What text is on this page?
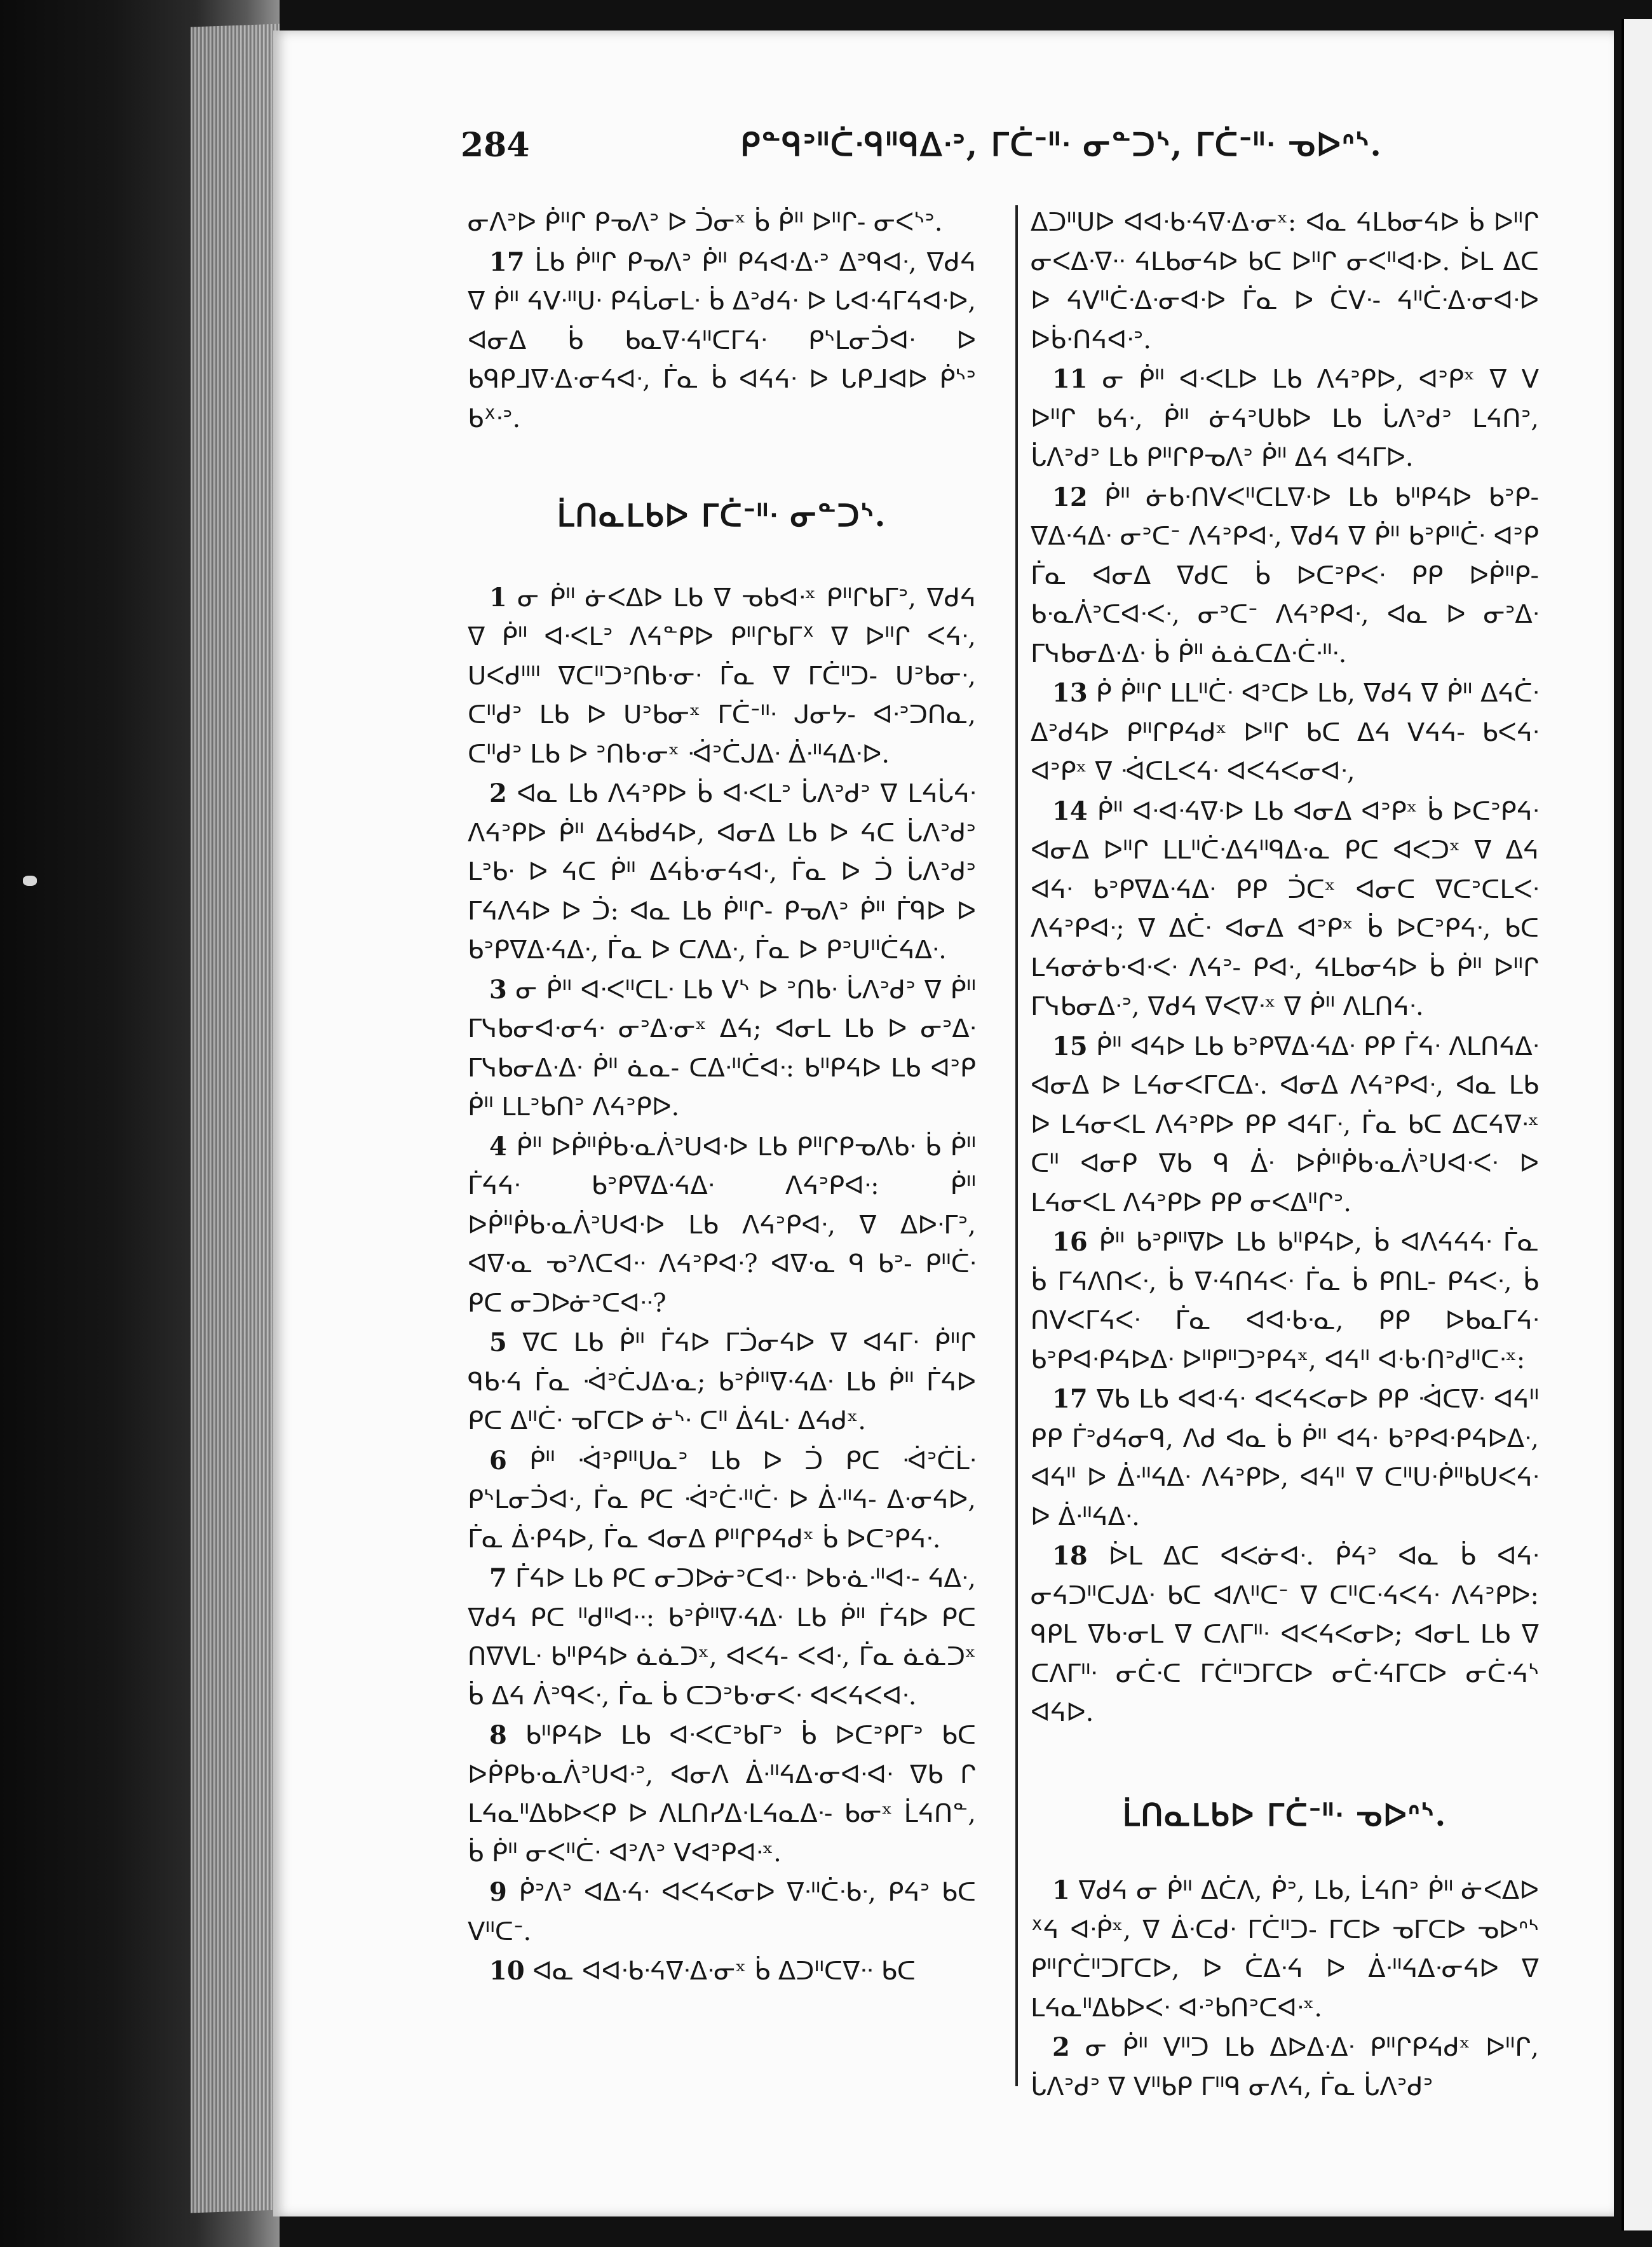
284	ᑭᓐᑫᐣᐦᑖᐧᑫᐦᑫᐃᐧᐣ, ᒥᑖᐨᐦᐧ ᓂᓐᑐᔅ, ᒥᑖᐨᐦᐧ ᓀᐅᐢᔅ.

ᓂᐱᐣᐅ ᑮᐦᒋ ᑭᓀᐱᐣ ᐅ ᑑᓂˣ ᑳ ᑮᐦ ᐅᐦᒋ- ᓂᐸᔅᐣ.

17 ᒫᑲ ᑮᐦᒋ ᑭᓀᐱᐣ ᑮᐦ ᑭᔦᐊᐧᐃᐧᐣ ᐃᐣᑫᐊᐧ, ᐁᑯᔦ ᐁ ᑮᐦ ᔦᐯᐧᐦᑌᐧ ᑭᔦᒑᓂᒪᐧ ᑳ ᐃᐣᑯᔦᐧ ᐅ ᒐᐊᐧᔦᒥᔦᐊᐧᐅ, ᐊᓂᐃ ᑳ ᑲᓇᐁᐧᔦᐦᑕᒥᔦᐧ ᑭᔅᒪᓂᑑᐊᐧ ᐅ ᑲᑫᑭᒧᐁᐧᐃᐧᓂᔦᐊᐧ, ᒦᓇ ᑳ ᐊᔦᔦᐧ ᐅ ᒐᑭᒧᐊᐅ ᑮᔅᐣ ᑲᕽᐧᐣ.

ᒫᑎᓇᒪᑲᐅ ᒥᑖᐨᐦᐧ ᓂᓐᑐᔅ.

1 ᓂ ᑮᐦ ᓃᐸᐃᐅ ᒪᑲ ᐁ ᓀᑲᐊᐧˣ ᑭᐦᒋᑲᒥᐣ, ᐁᑯᔦ ᐁ ᑮᐦ ᐊᐧᐸᒪᐣ ᐱᔦᓐᑭᐅ ᑭᐦᒋᑲᒥᕽ ᐁ ᐅᐦᒋ ᐸᔦᐧ, ᑌᐸᑯᐦᐦ ᐁᑕᐦᑐᐣᑎᑲᐧᓂᐧ ᒦᓇ ᐁ ᒥᑖᐦᑐ- ᑌᐣᑲᓂᐧ, ᑕᐦᑯᐣ ᒪᑲ ᐅ ᑌᐣᑲᓂˣ ᒥᑖᐨᐦᐧ ᒍᓂᔭ- ᐊᐧᐣᑐᑎᓇ, ᑕᐦᑯᐣ ᒪᑲ ᐅ ᐣᑎᑲᐧᓂˣ ᐙᐣᑖᒍᐃᐧ ᐄᐧᐦᔦᐃᐧᐅ.

2 ᐊᓇ ᒪᑲ ᐱᔦᐣᑭᐅ ᑳ ᐊᐧᐸᒪᐣ ᒑᐱᐣᑯᐣ ᐁ ᒪᔦᒑᔦᐧ ᐱᔦᐣᑭᐅ ᑮᐦ ᐃᔦᑳᑯᔦᐅ, ᐊᓂᐃ ᒪᑲ ᐅ ᔦᑕ ᒑᐱᐣᑯᐣ ᒪᐣᑲᐧ ᐅ ᔦᑕ ᑮᐦ ᐃᔦᑳᐧᓂᔦᐊᐧ, ᒦᓇ ᐅ ᑑ ᒑᐱᐣᑯᐣ ᒥᔦᐱᔦᐅ ᐅ ᑑ: ᐊᓇ ᒪᑲ ᑮᐦᒋ- ᑭᓀᐱᐣ ᑮᐦ ᒦᑫᐅ ᐅ ᑲᐣᑭᐁᐃᐧᔦᐃᐧ, ᒦᓇ ᐅ ᑕᐱᐃᐧ, ᒦᓇ ᐅ ᑭᐣᑌᐦᑖᔦᐃᐧ.

3 ᓂ ᑮᐦ ᐊᐧᐸᐦᑕᒪᐧ ᒪᑲ ᐯᔅ ᐅ ᐣᑎᑲᐧ ᒑᐱᐣᑯᐣ ᐁ ᑮᐦ ᒥᓭᑲᓂᐊᐧᓂᔦᐧ ᓂᐣᐃᐧᓂˣ ᐃᔦ; ᐊᓂᒪ ᒪᑲ ᐅ ᓂᐣᐃᐧ ᒥᓭᑲᓂᐃᐧᐃᐧ ᑮᐦ ᓈᓇ- ᑕᐃᐧᐦᑖᐊᐧ: ᑲᐦᑭᔦᐅ ᒪᑲ ᐊᐣᑭ ᑮᐦ ᒪᒪᐣᑲᑎᐣ ᐱᔦᐣᑭᐅ.

4 ᑮᐦ ᐅᑮᐦᑮᑲᐧᓇᐲᐣᑌᐊᐧᐅ ᒪᑲ ᑭᐦᒋᑭᓀᐱᑲᐧ ᑳ ᑮᐦ ᒦᔦᔦᐧ ᑲᐣᑭᐁᐃᐧᔦᐃᐧ ᐱᔦᐣᑭᐊᐧ: ᑮᐦ ᐅᑮᐦᑮᑲᐧᓇᐲᐣᑌᐊᐧᐅ ᒪᑲ ᐱᔦᐣᑭᐊᐧ, ᐁ ᐃᐅᐧᒥᐣ, ᐊᐁᐧᓇ ᓀᐣᐱᑕᐊᐧᐧ ᐱᔦᐣᑭᐊᐧ? ᐊᐁᐧᓇ ᑫ ᑲᐣ- ᑭᐦᑖᐧ ᑭᑕ ᓂᑐᐅᓃᐣᑕᐊᐧᐧ?

5 ᐁᑕ ᒪᑲ ᑮᐦ ᒦᔦᐅ ᒥᑑᓂᔦᐅ ᐁ ᐊᔦᒥᐧ ᑮᐦᒋ ᑫᑲᐧᔦ ᒦᓇ ᐙᐣᑖᒍᐃᐧᓇ; ᑲᐣᑮᐦᐁᐧᔦᐃᐧ ᒪᑲ ᑮᐦ ᒦᔦᐅ ᑭᑕ ᐃᐦᑖᐧ ᓀᒥᑕᐅ ᓃᔅᐧ ᑕᐦ ᐄᔦᒪᐧ ᐃᔦᑯˣ.

6 ᑮᐦ ᐙᐣᑭᐦᑌᓇᐣ ᒪᑲ ᐅ ᑑ ᑭᑕ ᐙᐣᑖᒫᐧ ᑭᔅᒪᓂᑑᐊᐧ, ᒦᓇ ᑭᑕ ᐙᐣᑖᐧᐦᑖᐧ ᐅ ᐄᐧᐦᔦ- ᐃᐧᓂᔦᐅ, ᒦᓇ ᐄᐧᑭᔦᐅ, ᒦᓇ ᐊᓂᐃ ᑭᐦᒋᑭᔦᑯˣ ᑳ ᐅᑕᐣᑭᔦᐧ.

7 ᒦᔦᐅ ᒪᑲ ᑭᑕ ᓂᑐᐅᓃᐣᑕᐊᐧᐧ ᐅᑲᐧᓈᐧᐦᐊᐧ- ᔦᐃᐧ, ᐁᑯᔦ ᑭᑕ ᐦᑯᐦᐊᐧᐧ: ᑲᐣᑮᐦᐁᐧᔦᐃᐧ ᒪᑲ ᑮᐦ ᒦᔦᐅ ᑭᑕ ᑎᐁᐯᒪᐧ ᑲᐦᑭᔦᐅ ᓈᓈᑐˣ, ᐊᐸᔦ- ᐸᐊᐧ, ᒦᓇ ᓈᓈᑐˣ ᑳ ᐃᔦ ᐲᐣᑫᐸᐧ, ᒦᓇ ᑳ ᑕᑐᐣᑲᐧᓂᐸᐧ ᐊᐸᔦᐸᐊᐧ.

8 ᑲᐦᑭᔦᐅ ᒪᑲ ᐊᐧᐸᑕᐣᑲᒥᐣ ᑳ ᐅᑕᐣᑭᒥᐣ ᑲᑕ ᐅᑮᑭᑲᐧᓇᐲᐣᑌᐊᐧᐣ, ᐊᓂᐱ ᐄᐧᐦᔦᐃᐧᓂᐊᐧᐊᐧ ᐁᑲ ᒋ ᒪᔦᓇᐦᐃᑲᐅᐸᑭ ᐅ ᐱᒪᑎᓯᐃᐧᒪᔦᓇᐃᐧ- ᑲᓂˣ ᒫᔦᑎᓐ, ᑳ ᑮᐦ ᓂᐸᐦᑖᐧ ᐊᐣᐱᐣ ᐯᐊᐣᑭᐊᐧˣ.

9 ᑮᐣᐱᐣ ᐊᐃᐧᔦᐧ ᐊᐸᔦᐸᓂᐅ ᐁᐧᐦᑖᐧᑲᐧ, ᑭᔦᐣ ᑲᑕ ᐯᐦᑕᐨ.

10 ᐊᓇ ᐊᐊᐧᑲᐧᔦᐁᐧᐃᐧᓂˣ ᑳ ᐃᑐᐦᑕᐁᐧᐧ ᑲᑕ

ᐃᑐᐦᑌᐅ ᐊᐊᐧᑲᐧᔦᐁᐧᐃᐧᓂˣ: ᐊᓇ ᔦᒪᑲᓂᔦᐅ ᑳ ᐅᐦᒋ ᓂᐸᐃᐧᐁᐧᐧ ᔦᒪᑲᓂᔦᐅ ᑲᑕ ᐅᐦᒋ ᓂᐸᐦᐊᐧᐅ. ᐆᒪ ᐃᑕ ᐅ ᔦᐯᐦᑖᐧᐃᐧᓂᐊᐧᐅ ᒦᓇ ᐅ ᑖᐯᐧ- ᔦᐦᑖᐧᐃᐧᓂᐊᐧᐅ ᐅᑳᐧᑎᔦᐊᐧᐣ.

11 ᓂ ᑮᐦ ᐊᐧᐸᒪᐅ ᒪᑲ ᐱᔦᐣᑭᐅ, ᐊᐣᑭˣ ᐁ ᐯ ᐅᐦᒋ ᑲᔦᐧ, ᑮᐦ ᓃᔦᐣᑌᑲᐅ ᒪᑲ ᒑᐱᐣᑯᐣ ᒪᔦᑎᐣ, ᒑᐱᐣᑯᐣ ᒪᑲ ᑭᐦᒋᑭᓀᐱᐣ ᑮᐦ ᐃᔦ ᐊᔦᒥᐅ.

12 ᑮᐦ ᓃᑲᐧᑎᐯᐸᐦᑕᒪᐁᐧᐅ ᒪᑲ ᑲᐦᑭᔦᐅ ᑲᐣᑭ- ᐁᐃᐧᔦᐃᐧ ᓂᐣᑕᐨ ᐱᔦᐣᑭᐊᐧ, ᐁᑯᔦ ᐁ ᑮᐦ ᑲᐣᑭᐦᑖᐧ ᐊᐣᑭ ᒦᓇ ᐊᓂᐃ ᐁᑯᑕ ᑳ ᐅᑕᐣᑭᐸᐧ ᑭᑭ ᐅᑮᐦᑭ- ᑲᐧᓇᐲᐣᑕᐊᐧᐸᐧ, ᓂᐣᑕᐨ ᐱᔦᐣᑭᐊᐧ, ᐊᓇ ᐅ ᓂᐣᐃᐧ ᒥᓭᑲᓂᐃᐧᐃᐧ ᑳ ᑮᐦ ᓈᓈᑕᐃᐧᑖᐧᐦᐧ.

13 ᑮ ᑮᐦᒋ ᒪᒪᐦᑖᐧ ᐊᐣᑕᐅ ᒪᑲ, ᐁᑯᔦ ᐁ ᑮᐦ ᐃᔦᑖᐧ ᐃᐣᑯᔦᐅ ᑭᐦᒋᑭᔦᑯˣ ᐅᐦᒋ ᑲᑕ ᐃᔦ ᐯᔦᔦ- ᑲᐸᔦᐧ ᐊᐣᑭˣ ᐁ ᐙᑕᒪᐸᔦᐧ ᐊᐸᔦᐸᓂᐊᐧ,

14 ᑮᐦ ᐊᐧᐊᐧᔦᐁᐧᐅ ᒪᑲ ᐊᓂᐃ ᐊᐣᑭˣ ᑳ ᐅᑕᐣᑭᔦᐧ ᐊᓂᐃ ᐅᐦᒋ ᒪᒪᐦᑖᐧᐃᔦᐦᑫᐃᐧᓇ ᑭᑕ ᐊᐸᑐˣ ᐁ ᐃᔦ ᐊᔦᐧ ᑲᐣᑭᐁᐃᐧᔦᐃᐧ ᑭᑭ ᑑᑕˣ ᐊᓂᑕ ᐁᑕᐣᑕᒪᐸᐧ ᐱᔦᐣᑭᐊᐧ; ᐁ ᐃᑖᐧ ᐊᓂᐃ ᐊᐣᑭˣ ᑳ ᐅᑕᐣᑭᔦᐧ, ᑲᑕ ᒪᔦᓂᓃᑲᐧᐊᐧᐸᐧ ᐱᔦᐣ- ᑭᐊᐧ, ᔦᒪᑲᓂᔦᐅ ᑳ ᑮᐦ ᐅᐦᒋ ᒥᓭᑲᓂᐃᐧᐣ, ᐁᑯᔦ ᐁᐸᐁᐧˣ ᐁ ᑮᐦ ᐱᒪᑎᔦᐧ.

15 ᑮᐦ ᐊᔦᐅ ᒪᑲ ᑲᐣᑭᐁᐃᐧᔦᐃᐧ ᑭᑭ ᒦᔦᐧ ᐱᒪᑎᔦᐃᐧ ᐊᓂᐃ ᐅ ᒪᔦᓂᐸᒥᑕᐃᐧ. ᐊᓂᐃ ᐱᔦᐣᑭᐊᐧ, ᐊᓇ ᒪᑲ ᐅ ᒪᔦᓂᐸᒪ ᐱᔦᐣᑭᐅ ᑭᑭ ᐊᔦᒥᐧ, ᒦᓇ ᑲᑕ ᐃᑕᔦᐁᐧˣ ᑕᐦ ᐊᓂᑭ ᐁᑲ ᑫ ᐄᐧ ᐅᑮᐦᑮᑲᐧᓇᐲᐣᑌᐊᐧᐸᐧ ᐅ ᒪᔦᓂᐸᒪ ᐱᔦᐣᑭᐅ ᑭᑭ ᓂᐸᐃᐦᒋᐣ.

16 ᑮᐦ ᑲᐣᑭᐦᐁᐅ ᒪᑲ ᑲᐦᑭᔦᐅ, ᑳ ᐊᐱᔦᔦᔦᐧ ᒦᓇ ᑳ ᒥᔦᐱᑎᐸᐧ, ᑳ ᐁᐧᔦᑎᔦᐸᐧ ᒦᓇ ᑳ ᑭᑎᒪ- ᑭᔦᐸᐧ, ᑳ ᑎᐯᐸᒥᔦᐸᐧ ᒦᓇ ᐊᐊᐧᑲᐧᓇ, ᑭᑭ ᐅᑲᓇᒥᔦᐧ ᑲᐣᑭᐊᐧᑭᔦᐅᐃᐧ ᐅᐦᑭᐦᑐᐣᑭᔦˣ, ᐊᔦᐦ ᐊᐧᑲᐧᑎᐣᑯᐦᑕᐧˣ:

17 ᐁᑲ ᒪᑲ ᐊᐊᐧᔦᐧ ᐊᐸᔦᐸᓂᐅ ᑭᑭ ᐙᑕᐁᐧ ᐊᔦᐦ ᑭᑭ ᒦᐣᑯᔦᓂᑫ, ᐱᑯ ᐊᓇ ᑳ ᑮᐦ ᐊᔦᐧ ᑲᐣᑭᐊᐧᑭᔦᐅᐃᐧ, ᐊᔦᐦ ᐅ ᐄᐧᐦᔦᐃᐧ ᐱᔦᐣᑭᐅ, ᐊᔦᐦ ᐁ ᑕᐦᑌᐧᑮᐦᑲᑌᐸᔦᐧ ᐅ ᐄᐧᐦᔦᐃᐧ.

18 ᐆᒪ ᐃᑕ ᐊᐸᓃᐊᐧ. ᑮᔦᐣ ᐊᓇ ᑳ ᐊᔦᐧ ᓂᔦᑐᐦᑕᒍᐃᐧ ᑲᑕ ᐊᐱᐦᑕᐨ ᐁ ᑕᐦᑕᐧᔦᐸᔦᐧ ᐱᔦᐣᑭᐅ: ᑫᑭᒪ ᐁᑲᐧᓂᒪ ᐁ ᑕᐱᒥᐦᐧ ᐊᐸᔦᐸᓂᐅ; ᐊᓂᒪ ᒪᑲ ᐁ ᑕᐱᒥᐦᐧ ᓂᑖᐧᑕ ᒥᑖᐦᑐᒥᑕᐅ ᓂᑖᐧᔦᒥᑕᐅ ᓂᑖᐧᔦᔅ ᐊᔦᐅ.

ᒫᑎᓇᒪᑲᐅ ᒥᑖᐨᐦᐧ ᓀᐅᐢᔅ.

1 ᐁᑯᔦ ᓂ ᑮᐦ ᐃᑖᐱ, ᑮᐣ, ᒪᑲ, ᒫᔦᑎᐣ ᑮᐦ ᓃᐸᐃᐅ ᕽᔦ ᐊᐧᑮˣ, ᐁ ᐄᐧᑕᑯᐧ ᒥᑖᐦᑐ- ᒥᑕᐅ ᓀᒥᑕᐅ ᓀᐅᐢᔅ ᑭᐦᒋᑖᐦᑐᒥᑕᐅ, ᐅ ᑖᐃᐧᔦ ᐅ ᐄᐧᐦᔦᐃᐧᓂᔦᐅ ᐁ ᒪᔦᓇᐦᐃᑲᐅᐸᐧ ᐊᐧᐣᑲᑎᐣᑕᐊᐧˣ.

2 ᓂ ᑮᐦ ᐯᐦᑐ ᒪᑲ ᐃᐅᐃᐧᐃᐧ ᑭᐦᒋᑭᔦᑯˣ ᐅᐦᒋ, ᒑᐱᐣᑯᐣ ᐁ ᐯᐦᑲᑭ ᒥᐦᑫ ᓂᐱᔦ, ᒦᓇ ᒑᐱᐣᑯᐣ
